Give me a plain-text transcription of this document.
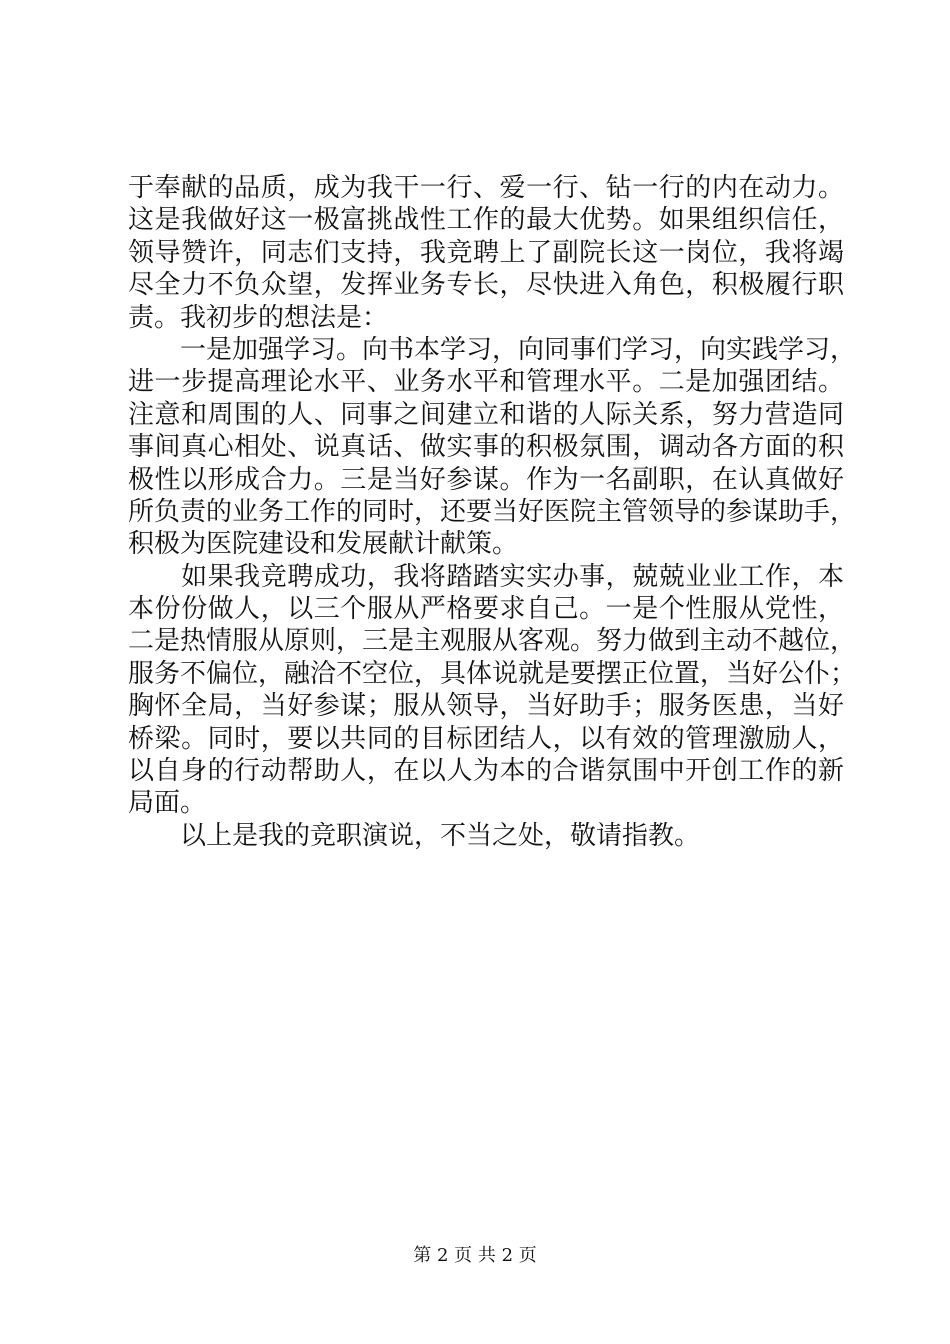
于奉献的品质，成为我干一行、爱一行、钻一行的内在动力。
这是我做好这一极富挑战性工作的最大优势。如果组织信任，
领导赞许，同志们支持，我竞聘上了副院长这一岗位，我将竭
尽全力不负众望，发挥业务专长，尽快进入角色，积极履行职
责。我初步的想法是：
　　一是加强学习。向书本学习，向同事们学习，向实践学习，
进一步提高理论水平、业务水平和管理水平。二是加强团结。
注意和周围的人、同事之间建立和谐的人际关系，努力营造同
事间真心相处、说真话、做实事的积极氛围，调动各方面的积
极性以形成合力。三是当好参谋。作为一名副职，在认真做好
所负责的业务工作的同时，还要当好医院主管领导的参谋助手，
积极为医院建设和发展献计献策。
　　如果我竞聘成功，我将踏踏实实办事，兢兢业业工作，本
本份份做人，以三个服从严格要求自己。一是个性服从党性，
二是热情服从原则，三是主观服从客观。努力做到主动不越位，
服务不偏位，融洽不空位，具体说就是要摆正位置，当好公仆；
胸怀全局，当好参谋；服从领导，当好助手；服务医患，当好
桥梁。同时，要以共同的目标团结人，以有效的管理激励人，
以自身的行动帮助人，在以人为本的合谐氛围中开创工作的新
局面。
　　以上是我的竞职演说，不当之处，敬请指教。
第 2 页 共 2 页
